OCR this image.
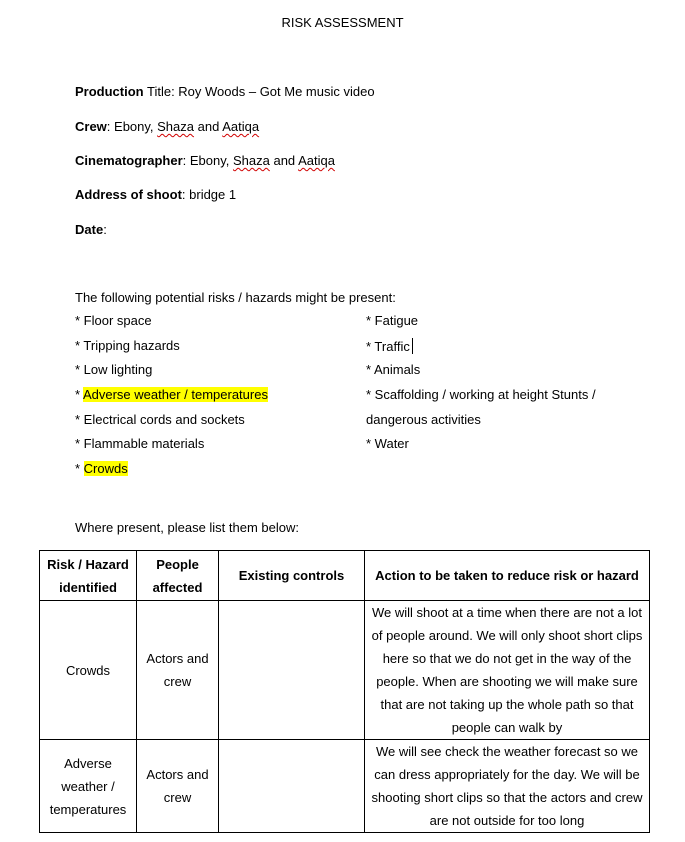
RISK ASSESSMENT
Production Title: Roy Woods – Got Me music video
Crew: Ebony, Shaza and Aatiqa
Cinematographer: Ebony, Shaza and Aatiqa
Address of shoot: bridge 1
Date:
The following potential risks / hazards might be present:
* Floor space
* Tripping hazards
* Low lighting
* Adverse weather / temperatures
* Electrical cords and sockets
* Flammable materials
* Crowds
* Fatigue
* Traffic
* Animals
* Scaffolding / working at height Stunts /
dangerous activities
* Water
Where present, please list them below:
Risk / Hazard identified	People affected	Existing controls	Action to be taken to reduce risk or hazard
Crowds	Actors and crew		We will shoot at a time when there are not a lot of people around. We will only shoot short clips here so that we do not get in the way of the people. When are shooting we will make sure that are not taking up the whole path so that people can walk by
Adverse weather / temperatures	Actors and crew		We will see check the weather forecast so we can dress appropriately for the day. We will be shooting short clips so that the actors and crew are not outside for too long
